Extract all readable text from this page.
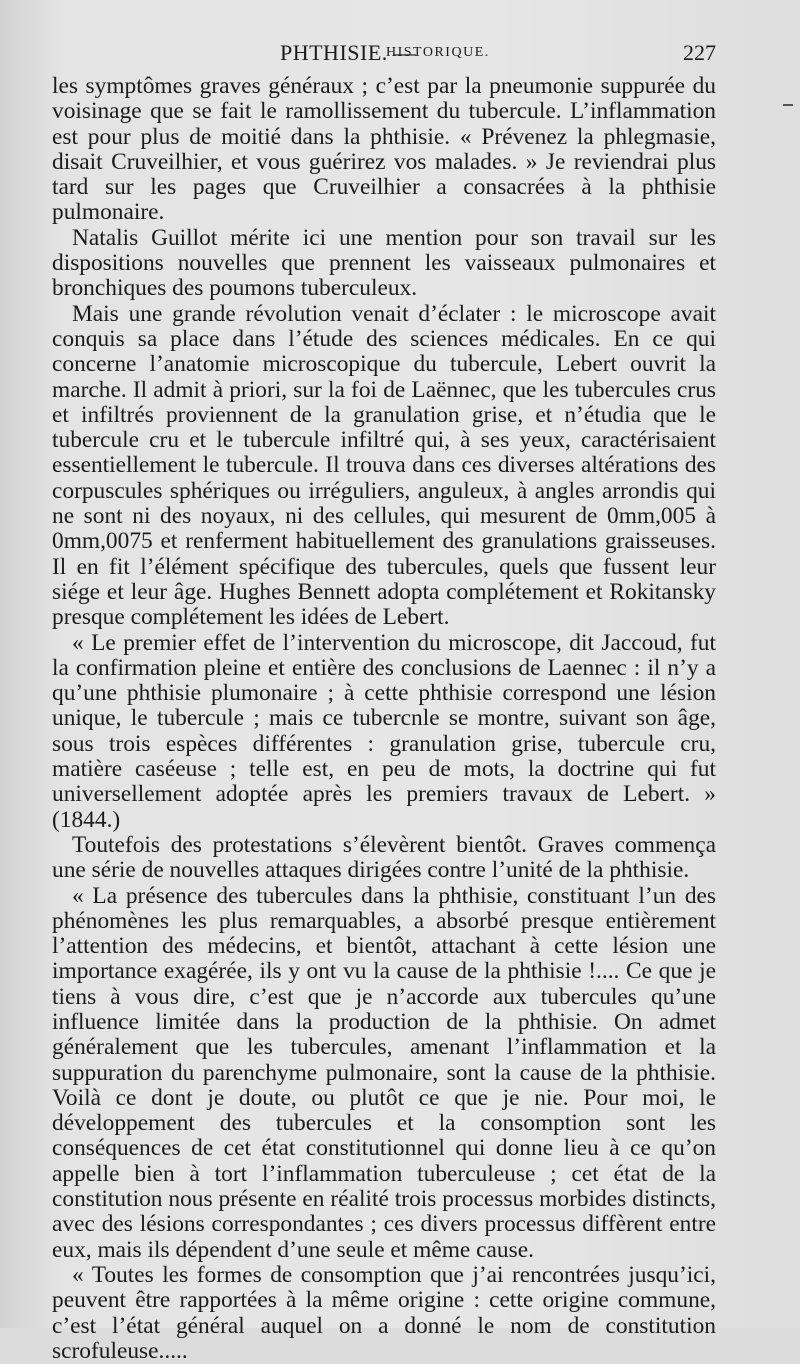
PHTHISIE. —
HISTORIQUE.	227

les symptômes graves généraux ; c’est par la pneumonie suppurée du voisinage que se fait le ramollissement du tubercule. L’inflammation est pour plus de moitié dans la phthisie. « Prévenez la phlegmasie, disait Cruveilhier, et vous guérirez vos malades. » Je reviendrai plus tard sur les pages que Cruveilhier a consacrées à la phthisie pulmonaire.

Natalis Guillot mérite ici une mention pour son travail sur les dispositions nouvelles que prennent les vaisseaux pulmonaires et bronchiques des poumons tuberculeux.

Mais une grande révolution venait d’éclater : le microscope avait conquis sa place dans l’étude des sciences médicales. En ce qui concerne l’anatomie microscopique du tubercule, Lebert ouvrit la marche. Il admit à priori, sur la foi de Laënnec, que les tubercules crus et infiltrés proviennent de la granulation grise, et n’étudia que le tubercule cru et le tubercule infiltré qui, à ses yeux, caractérisaient essentiellement le tubercule. Il trouva dans ces diverses altérations des corpuscules sphériques ou irréguliers, anguleux, à angles arrondis qui ne sont ni des noyaux, ni des cellules, qui mesurent de 0mm,005 à 0mm,0075 et renferment habituellement des granulations graisseuses. Il en fit l’élément spécifique des tubercules, quels que fussent leur siége et leur âge. Hughes Bennett adopta complétement et Rokitansky presque complétement les idées de Lebert.

« Le premier effet de l’intervention du microscope, dit Jaccoud, fut la confirmation pleine et entière des conclusions de Laennec : il n’y a qu’une phthisie plumonaire ; à cette phthisie correspond une lésion unique, le tubercule ; mais ce tubercnle se montre, suivant son âge, sous trois espèces différentes : granulation grise, tubercule cru, matière caséeuse ; telle est, en peu de mots, la doctrine qui fut universellement adoptée après les premiers travaux de Lebert. » (1844.)

Toutefois des protestations s’élevèrent bientôt. Graves commença une série de nouvelles attaques dirigées contre l’unité de la phthisie.

« La présence des tubercules dans la phthisie, constituant l’un des phénomènes les plus remarquables, a absorbé presque entièrement l’attention des médecins, et bientôt, attachant à cette lésion une importance exagérée, ils y ont vu la cause de la phthisie !.... Ce que je tiens à vous dire, c’est que je n’accorde aux tubercules qu’une influence limitée dans la production de la phthisie. On admet généralement que les tubercules, amenant l’inflammation et la suppuration du parenchyme pulmonaire, sont la cause de la phthisie. Voilà ce dont je doute, ou plutôt ce que je nie. Pour moi, le développement des tubercules et la consomption sont les conséquences de cet état constitutionnel qui donne lieu à ce qu’on appelle bien à tort l’inflammation tuberculeuse ; cet état de la constitution nous présente en réalité trois processus morbides distincts, avec des lésions correspondantes ; ces divers processus diffèrent entre eux, mais ils dépendent d’une seule et même cause.

« Toutes les formes de consomption que j’ai rencontrées jusqu’ici, peuvent être rapportées à la même origine : cette origine commune, c’est l’état général auquel on a donné le nom de constitution scrofuleuse.....
